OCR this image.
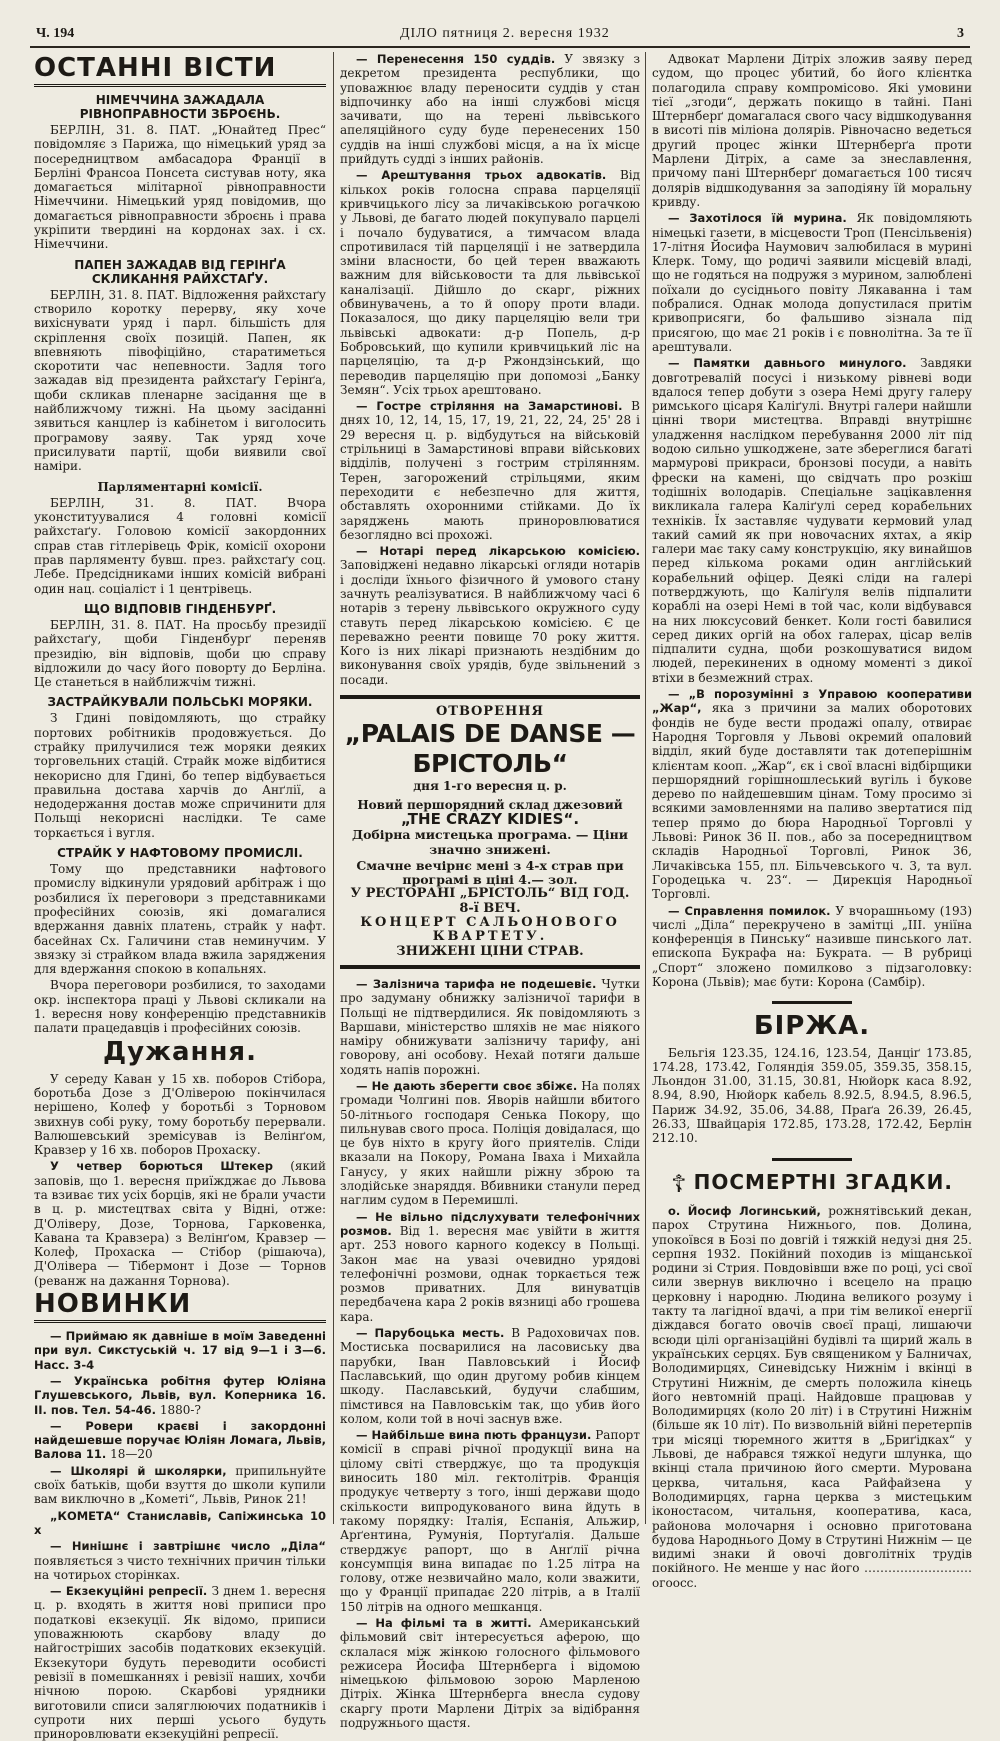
Ч. 194	ДІЛО пятниця 2. вересня 1932	3
ОСТАННІ ВІСТИ
НІМЕЧЧИНА ЗАЖАДАЛА РІВНОПРАВНОСТИ ЗБРОЄНЬ.

БЕРЛІН, 31. 8. ПАТ. „Юнайтед Прес“ повідомляє з Парижа, що німецький уряд за посередництвом амбасадора Франції в Берліні Франсоа Понсета систував ноту, яка домагається мілітарної рівноправности Німеччини. Німецький уряд повідомив, що домагається рівноправности зброєнь і права укріпити твердині на кордонах зах. і сх. Німеччини.

ПАПЕН ЗАЖАДАВ ВІД ГЕРІНҐА СКЛИКАННЯ РАЙХСТАҐУ.

БЕРЛІН, 31. 8. ПАТ. Відложення райхстаґу створило коротку перерву, яку хоче вихіснувати уряд і парл. більшість для скріплення своїх позицій. Папен, як впевняють півофіційно, старатиметься скоротити час непевности. Задля того зажадав від президента райхстаґу Герінґа, щоби скликав пленарне засідання ще в найближчому тижні. На цьому засіданні зявиться канцлер із кабінетом і виголосить програмову заяву. Так уряд хоче присилувати партії, щоби виявили свої наміри.

Парляментарні комісії.

БЕРЛІН, 31. 8. ПАТ. Вчора уконституувалися 4 головні комісії райхстаґу. Головою комісії закордонних справ став гітлерівець Фрік, комісії охорони прав парляменту бувш. през. райхстаґу соц. Лебе. Предсідниками інших комісій вибрані один нац. соціаліст і 1 центрівець.

ЩО ВІДПОВІВ ГІНДЕНБУРҐ.

БЕРЛІН, 31. 8. ПАТ. На просьбу президії райхстаґу, щоби Гінденбурґ переняв президію, він відповів, щоби цю справу відложили до часу його поворту до Берліна. Це станеться в найближчім тижні.

ЗАСТРАЙКУВАЛИ ПОЛЬСЬКІ МОРЯКИ.

З Гдині повідомляють, що страйку портових робітників продовжується. До страйку прилучилися теж моряки деяких торговельних стацій. Страйк може відбитися некорисно для Гдині, бо тепер відбувається правильна достава харчів до Анґлії, а недодержання достав може спричинити для Польщі некорисні наслідки. Те саме торкається і вугля.

СТРАЙК У НАФТОВОМУ ПРОМИСЛІ.

Тому що представники нафтового промислу відкинули урядовий арбітраж і що розбилися їх переговори з представниками професійних союзів, які домагалися вдержання давніх платень, страйк у нафт. басейнах Сх. Галичини став неминучим. У звязку зі страйком влада вжила заряджения для вдержання спокою в копальнях.

Вчора переговори розбилися, то заходами окр. інспектора праці у Львові скликали на 1. вересня нову конференцію представників палати працедавців і професійних союзів.

Дужання.

У середу Каван у 15 хв. поборов Стібора, боротьба Дозе з Д'Оліверою покінчилася нерішено, Колеф у боротьбі з Торновом звихнув собі руку, тому боротьбу перервали. Валюшевський зремісував із Велінґом, Кравзер у 16 хв. поборов Прохаску.

У четвер борються Штекер (який заповів, що 1. вересня приїжджає до Львова та взиває тих усіх борців, які не брали участи в ц. р. мистецтвах світа у Відні, отже: Д'Оліверу, Дозе, Торнова, Гарковенка, Кавана та Кравзера) з Велінґом, Кравзер — Колеф, Прохаска — Стібор (рішаюча), Д'Олівера — Тібермонт і Дозе — Торнов (реванж на дажання Торнова).

НОВИНКИ

— Приймаю як давніше в моїм Заведенні при вул. Сикстуській ч. 17 від 9—1 і 3—6. Насс. 3-4

— Українська робітня футер Юліяна Глушевського, Львів, вул. Коперника 16. II. пов. Тел. 54-46. 1880-?

— Ровери краєві і закордонні найдешевше поручає Юліян Ломага, Львів, Валова 11. 18—20

— Школярі й школярки, припильнуйте своїх батьків, щоби взуття до школи купили вам виключно в „Кометі“, Львів, Ринок 21!

„КОМЕТА“ Станиславів, Сапіжинська 10 х

— Нинішнє і завтрішнє число „Діла“ появляється з чисто технічних причин тільки на чотирьох сторінках.

— Екзекуційні репресії. З днем 1. вересня ц. р. входять в життя нові приписи про податкові екзекуції. Як відомо, приписи уповажнюють скарбову владу до найгостріших засобів податкових екзекуцій. Екзекутори будуть переводити особисті ревізії в помешканнях і ревізії наших, хочби нічною порою. Скарбові урядники виготовили списи заляглюючих податників і супроти них перші усього будуть приноровлювати екзекуційні репресії.

— Перенесення 150 суддів. У звязку з декретом президента республики, що уповажнює владу переносити суддів у стан відпочинку або на інші службові місця зачивати, що на терені львівського апеляційного суду буде перенесених 150 суддів на інші службові місця, а на їх місце прийдуть судді з інших районів.

— Арештування трьох адвокатів. Від кількох років голосна справа парцеляції кривчицького лісу за личаківською рогачкою у Львові, де багато людей покупувало парцелі і почало будуватися, а тимчасом влада спротивилася тій парцеляції і не затвердила зміни власности, бо цей терен вважають важним для військовости та для львівської каналізації. Дійшло до скарг, ріжних обвинувачень, а то й опору проти влади. Показалося, що дику парцеляцію вели три львівські адвокати: д-р Попель, д-р Бобровський, що купили кривчицький ліс на парцеляцію, та д-р Ржондзінський, що переводив парцеляцію при допомозі „Банку Земян“. Усіх трьох арештовано.

— Гостре стріляння на Замарстинові. В днях 10, 12, 14, 15, 17, 19, 21, 22, 24, 25' 28 і 29 вересня ц. р. відбудуться на військовій стрільниці в Замарстинові вправи військових відділів, получені з гострим стрілянням. Терен, загорожений стрільцями, яким переходити є небезпечно для життя, обставлять охоронними стійками. До їх заряджень мають приноровлюватися безоглядно всі прохожі.

— Нотарі перед лікарською комісією. Заповіджені недавно лікарські огляди нотарів і досліди їхнього фізичного й умового стану зачнуть реалізуватися. В найближчому часі 6 нотарів з терену львівського окружного суду ставуть перед лікарською комісією. Є це переважно реенти повище 70 року життя. Кого із них лікарі признають нездібним до виконування своїх урядів, буде звільнений з посади.

ОТВОРЕННЯ
„PALAIS DE DANSE — БРІСТОЛЬ“
дня 1-го вересня ц. р.
Новий першорядний склад джезовий
„THE CRAZY KIDIES“.
Добірна мистецька програма. — Ціни значно знижені.
Смачне вечірнє мені з 4-х страв при програмі в ціні 4.— зол.
У РЕСТОРАНІ „БРІСТОЛЬ“ ВІД ГОД. 8-ї ВЕЧ.
КОНЦЕРТ САЛЬОНОВОГО КВАРТЕТУ.
ЗНИЖЕНІ ЦІНИ СТРАВ.

— Залізнича тарифа не подешевіє. Чутки про задуману обнижку залізничої тарифи в Польщі не підтвердилися. Як повідомляють з Варшави, міністерство шляхів не має ніякого наміру обнижувати залізничу тарифу, ані говорову, ані особову. Нехай потяги дальше ходять напів порожні.

— Не дають зберегти своє збіжє. На полях громади Чолгині пов. Яворів найшли вбитого 50-літнього господаря Сенька Покору, що пильнував свого проса. Поліція довідалася, що це був ніхто в кругу його приятелів. Сліди вказали на Покору, Романа Іваха і Михайла Ганусу, у яких найшли ріжну зброю та злодійське знаряддя. Вбивники станули перед наглим судом в Перемишлі.

— Не вільно підслухувати телефонічних розмов. Від 1. вересня має увійти в життя арт. 253 нового карного кодексу в Польщі. Закон має на увазі очевидно урядові телефонічні розмови, однак торкається теж розмов приватних. Для винуватців передбачена кара 2 років вязниці або грошева кара.

— Парубоцька месть. В Радоховичах пов. Мостиська посварилися на ласовиську два парубки, Іван Павловський і Йосиф Паславський, що один другому робив кінцем шкоду. Паславський, будучи слабшим, пімстився на Павловськім так, що убив його колом, коли той в ночі заснув вже.

— Найбільше вина пють французи. Рапорт комісії в справі річної продукції вина на цілому світі стверджує, що та продукція виносить 180 міл. гектолітрів. Франція продукує четверту з того, інші держави щодо скількости випродукованого вина йдуть в такому порядку: Італія, Еспанія, Альжир, Арґентина, Румунія, Портуґалія. Дальше стверджує рапорт, що в Анґлії річна консумпція вина випадає по 1.25 літра на голову, отже незвичайно мало, коли зважити, що у Франції припадає 220 літрів, а в Італії 150 літрів на одного мешканця.

— На фільмі та в житті. Американський фільмовий світ інтересується аферою, що склалася між жінкою голосного фільмового режисера Йосифа Штернберга і відомою німецькою фільмовою зорою Марленою Дітріх. Жінка Штернберга внесла судову скаргу проти Марлени Дітріх за відібрання подружнього щастя.

Адвокат Марлени Дітріх зложив заяву перед судом, що процес убитий, бо його клієнтка полагодила справу компромісово. Які умовини тієї „згоди“, держать покищо в тайні. Пані Штернберґ домагалася свого часу відшкодування в висоті пів міліона долярів. Рівночасно ведеться другий процес жінки Штернберґа проти Марлени Дітріх, а саме за знеславлення, причому пані Штернберґ домагається 100 тисяч долярів відшкодування за заподіяну їй моральну кривду.

— Захотілося їй мурина. Як повідомляють німецькі газети, в місцевости Троп (Пенсільвенія) 17-літня Йосифа Наумович залюбилася в мурині Клерк. Тому, що родичі заявили місцевій владі, що не годяться на подружя з мурином, залюблені поїхали до сусіднього повіту Лякаванна і там побралися. Однак молода допустилася притім кривоприсяги, бо фальшиво зізнала під присягою, що має 21 років і є повнолітна. За те її арештували.

— Памятки давнього минулого. Завдяки довготревалій посусі і низькому рівневі води вдалося тепер добути з озера Немі другу галеру римського цісаря Каліґулі. Внутрі галери найшли цінні твори мистецтва. Вправді внутрішнє уладження наслідком перебування 2000 літ під водою сильно ушкоджене, зате збереглися багаті мармурові прикраси, бронзові посуди, а навіть фрески на камені, що свідчать про розкіш тодішніх володарів. Спеціальне зацікавлення викликала галера Каліґулі серед корабельних техніків. Їх заставляє чудувати кермовий улад такий самий як при новочасних яхтах, а якір галери має таку саму конструкцію, яку винайшов перед кількома роками один англійський корабельний офіцер. Деякі сліди на галері потверджують, що Каліґуля велів підпалити кораблі на озері Немі в той час, коли відбувався на них люксусовий бенкет. Коли гості бавилися серед диких оргій на обох галерах, цісар велів підпалити судна, щоби розкошуватися видом людей, перекинених в одному моменті з дикої втіхи в безмежний страх.

— „В порозумінні з Управою кооперативи „Жар“, яка з причини за малих оборотових фондів не буде вести продажі опалу, отвирає Народня Торговля у Львові окремий опаловий відділ, який буде доставляти так дотеперішнім клієнтам кооп. „Жар“, єк і свої власні відбірщики першорядний горішношлеський вугіль і букове дерево по найдешевшим цінам. Тому просимо зі всякими замовленнями на паливо звертатися під тепер прямо до бюра Народньої Торговлі у Львові: Ринок 36 II. пов., або за посередництвом складів Народньої Торговлі, Ринок 36, Личаківська 155, пл. Більчевського ч. 3, та вул. Городецька ч. 23“. — Дирекція Народньої Торговлі.

— Справлення помилок. У вчорашньому (193) числі „Діла“ перекручено в замітці „III. уніїна конференція в Пинську“ називше пинського лат. епископа Букрафа на: Букрата. — В рубриці „Спорт“ зложено помилково з підзаголовку: Корона (Львів); має бути: Корона (Самбір).

БІРЖА.

Бельгія 123.35, 124.16, 123.54, Данціґ 173.85, 174.28, 173.42, Голяндія 359.05, 359.35, 358.15, Льондон 31.00, 31.15, 30.81, Нюйорк каса 8.92, 8.94, 8.90, Нюйорк кабель 8.92.5, 8.94.5, 8.96.5, Париж 34.92, 35.06, 34.88, Праґа 26.39, 26.45, 26.33, Швайцарія 172.85, 173.28, 172.42, Берлін 212.10.

☦ ПОСМЕРТНІ ЗГАДКИ.

о. Йосиф Логинський, рожнятівський декан, парох Струтина Нижнього, пов. Долина, упокоївся в Бозі по довгій і тяжкій недузі дня 25. серпня 1932. Покійний походив із міщанської родини зі Стрия. Повдовівши вже по році, усі свої сили звернув виключно і всецело на працю церковну і народню. Людина великого розуму і такту та лагідної вдачі, а при тім великої енергії діждався богато овочів своєї праці, лишаючи всюди цілі організаційні будівлі та щирий жаль в українських серцях. Був священиком у Балничах, Володимирцях, Синевідську Нижнім і вкінці в Струтині Нижнім, де смерть положила кінець його невтомній праці. Найдовше працював у Володимирцях (коло 20 літ) і в Струтині Нижнім (більше як 10 літ). По визвольній війні перетерпів три місяці тюремного життя в „Бриґідках“ у Львові, де набрався тяжкої недуги шлунка, що вкінці стала причиною його смерти. Мурована церква, читальня, каса Райфайзена у Володимирцях, гарна церква з мистецьким іконостасом, читальня, кооператива, каса, районова молочарня і основно приготована будова Народнього Дому в Струтині Нижнім — це видимі знаки й овочі довголітніх трудів покійного. Не менше у нас його ……………………… огоосс.
